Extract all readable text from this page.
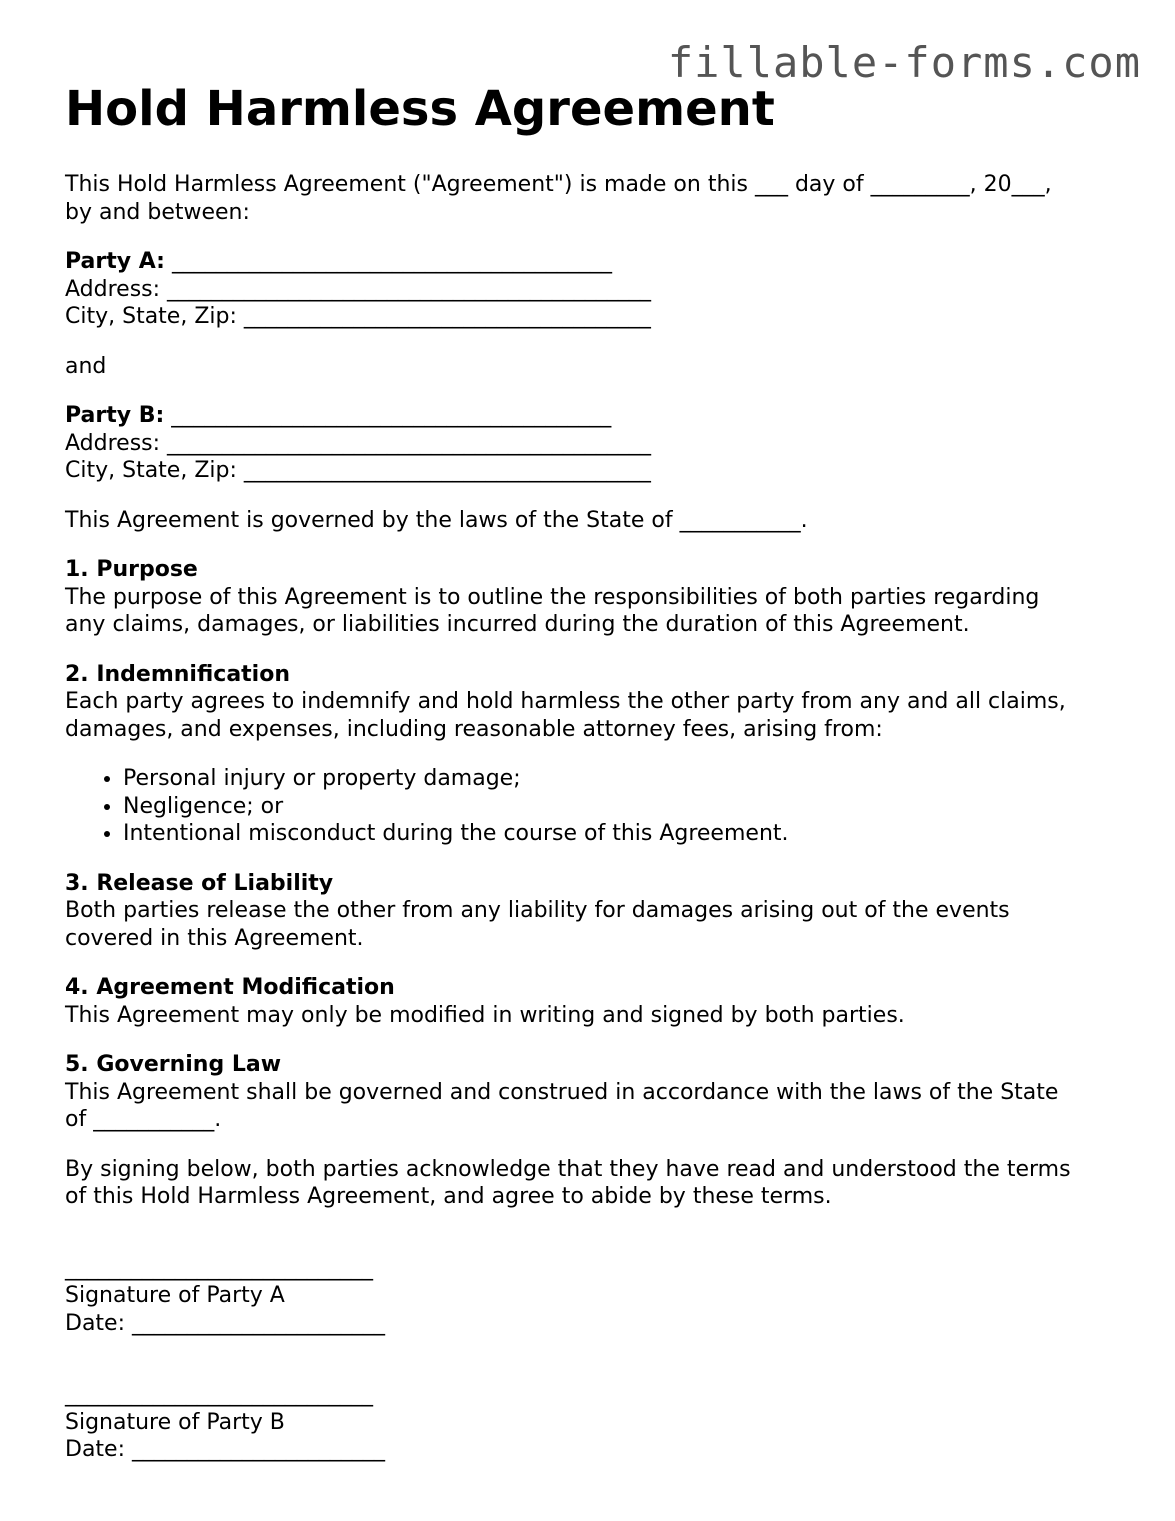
fillable-forms.com
Hold Harmless Agreement

This Hold Harmless Agreement ("Agreement") is made on this ___ day of _________, 20___,

by and between:

Party A: ________________________________________

Address: ____________________________________________

City, State, Zip: _____________________________________

and

Party B: ________________________________________

Address: ____________________________________________

City, State, Zip: _____________________________________

This Agreement is governed by the laws of the State of ___________.

1. Purpose

The purpose of this Agreement is to outline the responsibilities of both parties regarding

any claims, damages, or liabilities incurred during the duration of this Agreement.

2. Indemnification

Each party agrees to indemnify and hold harmless the other party from any and all claims,

damages, and expenses, including reasonable attorney fees, arising from:

• Personal injury or property damage;
• Negligence; or
• Intentional misconduct during the course of this Agreement.

3. Release of Liability

Both parties release the other from any liability for damages arising out of the events

covered in this Agreement.

4. Agreement Modification

This Agreement may only be modified in writing and signed by both parties.

5. Governing Law

This Agreement shall be governed and construed in accordance with the laws of the State

of ___________.

By signing below, both parties acknowledge that they have read and understood the terms

of this Hold Harmless Agreement, and agree to abide by these terms.

____________________________

Signature of Party A

Date: _______________________

____________________________

Signature of Party B

Date: _______________________
